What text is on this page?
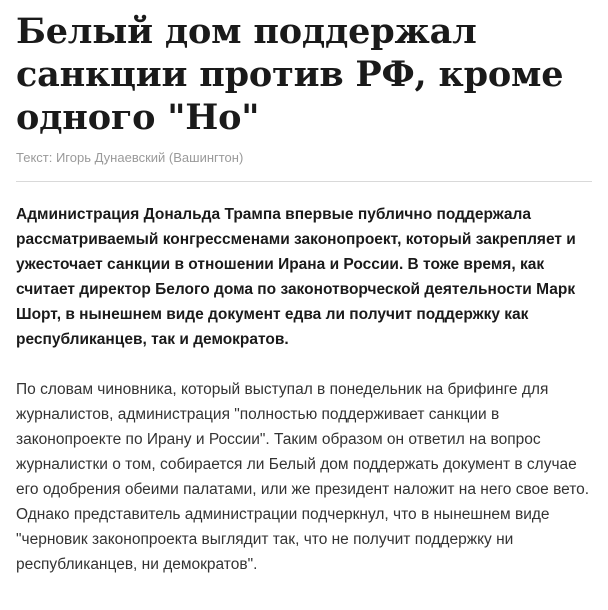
Белый дом поддержал санкции против РФ, кроме одного "Но"
Текст: Игорь Дунаевский (Вашингтон)

Администрация Дональда Трампа впервые публично поддержала рассматриваемый конгрессменами законопроект, который закрепляет и ужесточает санкции в отношении Ирана и России. В тоже время, как считает директор Белого дома по законотворческой деятельности Марк Шорт, в нынешнем виде документ едва ли получит поддержку как республиканцев, так и демократов.

По словам чиновника, который выступал в понедельник на брифинге для журналистов, администрация "полностью поддерживает санкции в законопроекте по Ирану и России". Таким образом он ответил на вопрос журналистки о том, собирается ли Белый дом поддержать документ в случае его одобрения обеими палатами, или же президент наложит на него свое вето. Однако представитель администрации подчеркнул, что в нынешнем виде "черновик законопроекта выглядит так, что не получит поддержку ни республиканцев, ни демократов".
